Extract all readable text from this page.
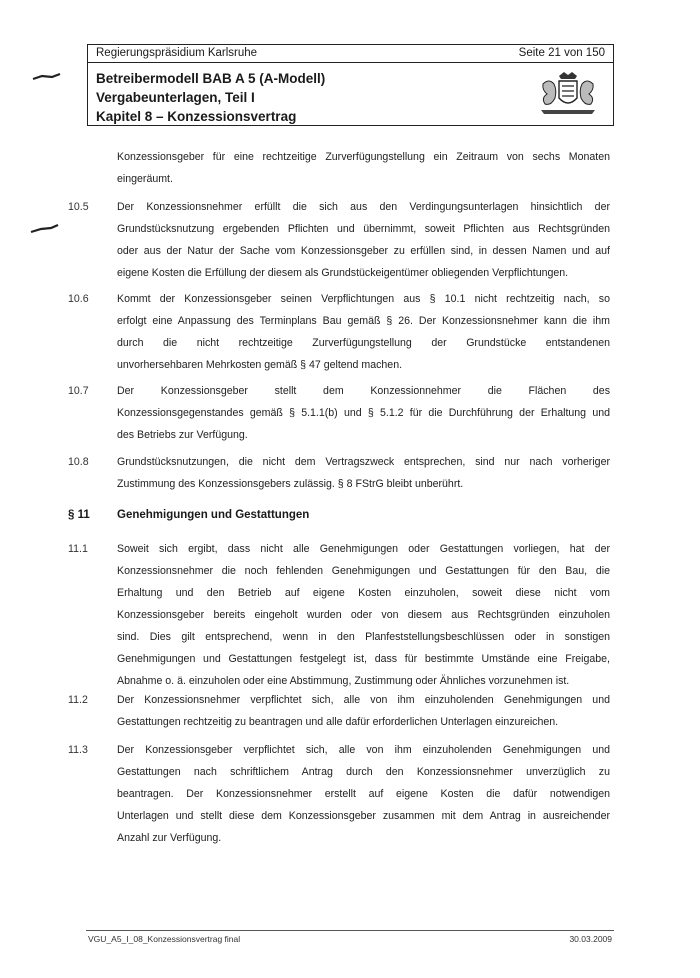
Regierungspräsidium Karlsruhe	Seite 21 von 150
Betreibermodell BAB A 5 (A-Modell)
Vergabeunterlagen, Teil I
Kapitel 8 – Konzessionsvertrag
Konzessionsgeber für eine rechtzeitige Zurverfügungstellung ein Zeitraum von sechs Monaten
eingeräumt.
10.5	Der Konzessionsnehmer erfüllt die sich aus den Verdingungsunterlagen hinsichtlich der
Grundstücksnutzung ergebenden Pflichten und übernimmt, soweit Pflichten aus Rechtsgründen
oder aus der Natur der Sache vom Konzessionsgeber zu erfüllen sind, in dessen Namen und auf
eigene Kosten die Erfüllung der diesem als Grundstückeigentümer obliegenden Verpflichtungen.
10.6	Kommt der Konzessionsgeber seinen Verpflichtungen aus § 10.1 nicht rechtzeitig nach, so
erfolgt eine Anpassung des Terminplans Bau gemäß § 26. Der Konzessionsnehmer kann die ihm
durch die nicht rechtzeitige Zurverfügungstellung der Grundstücke entstandenen
unvorhersehbaren Mehrkosten gemäß § 47 geltend machen.
10.7	Der Konzessionsgeber stellt dem Konzessionnehmer die Flächen des
Konzessionsgegenstandes gemäß § 5.1.1(b) und § 5.1.2 für die Durchführung der Erhaltung und
des Betriebs zur Verfügung.
10.8	Grundstücksnutzungen, die nicht dem Vertragszweck entsprechen, sind nur nach vorheriger
Zustimmung des Konzessionsgebers zulässig. § 8 FStrG bleibt unberührt.
§ 11 Genehmigungen und Gestattungen
11.1	Soweit sich ergibt, dass nicht alle Genehmigungen oder Gestattungen vorliegen, hat der
Konzessionsnehmer die noch fehlenden Genehmigungen und Gestattungen für den Bau, die
Erhaltung und den Betrieb auf eigene Kosten einzuholen, soweit diese nicht vom
Konzessionsgeber bereits eingeholt wurden oder von diesem aus Rechtsgründen einzuholen
sind. Dies gilt entsprechend, wenn in den Planfeststellungsbeschlüssen oder in sonstigen
Genehmigungen und Gestattungen festgelegt ist, dass für bestimmte Umstände eine Freigabe,
Abnahme o. ä. einzuholen oder eine Abstimmung, Zustimmung oder Ähnliches vorzunehmen ist.
11.2	Der Konzessionsnehmer verpflichtet sich, alle von ihm einzuholenden Genehmigungen und
Gestattungen rechtzeitig zu beantragen und alle dafür erforderlichen Unterlagen einzureichen.
11.3	Der Konzessionsgeber verpflichtet sich, alle von ihm einzuholenden Genehmigungen und
Gestattungen nach schriftlichem Antrag durch den Konzessionsnehmer unverzüglich zu
beantragen. Der Konzessionsnehmer erstellt auf eigene Kosten die dafür notwendigen
Unterlagen und stellt diese dem Konzessionsgeber zusammen mit dem Antrag in ausreichender
Anzahl zur Verfügung.
VGU_A5_I_08_Konzessionsvertrag final	30.03.2009
